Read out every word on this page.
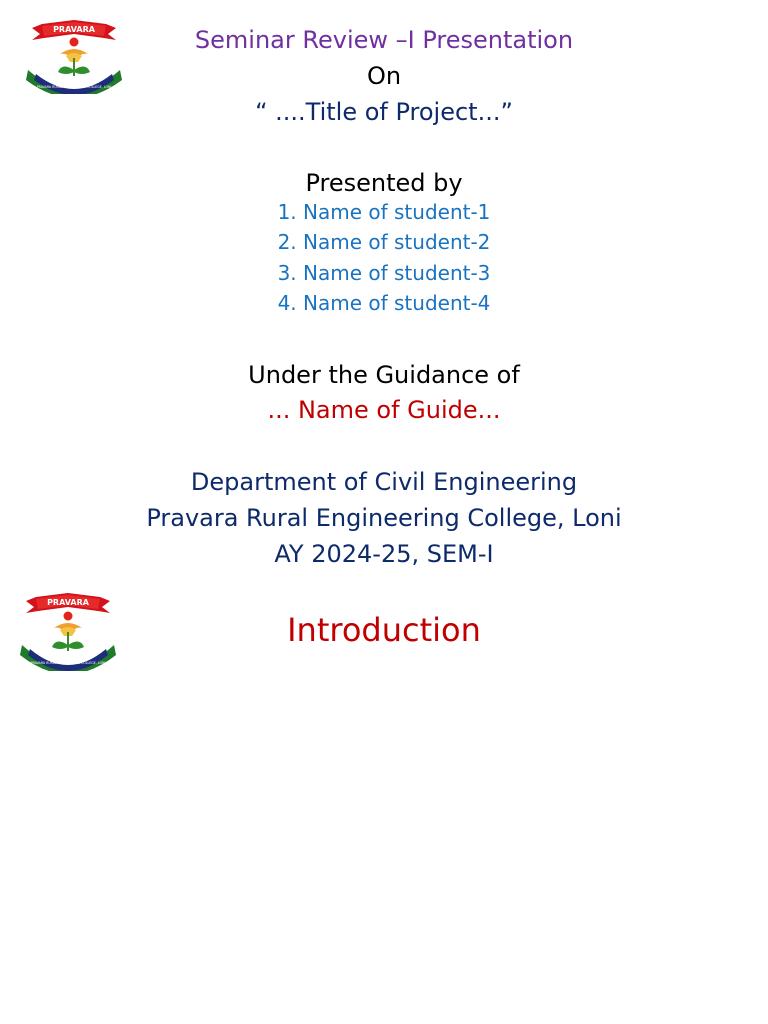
PRAVARA
PRAVARA RURAL ENGINEERING COLLEGE, LONI
Seminar Review –I Presentation
On
“ ....Title of Project...”
Presented by
1. Name of student-1
2. Name of student-2
3. Name of student-3
4. Name of student-4
Under the Guidance of
... Name of Guide...
Department of Civil Engineering
Pravara Rural Engineering College, Loni
AY 2024-25, SEM-I
PRAVARA
PRAVARA RURAL ENGINEERING COLLEGE, LONI
Introduction
